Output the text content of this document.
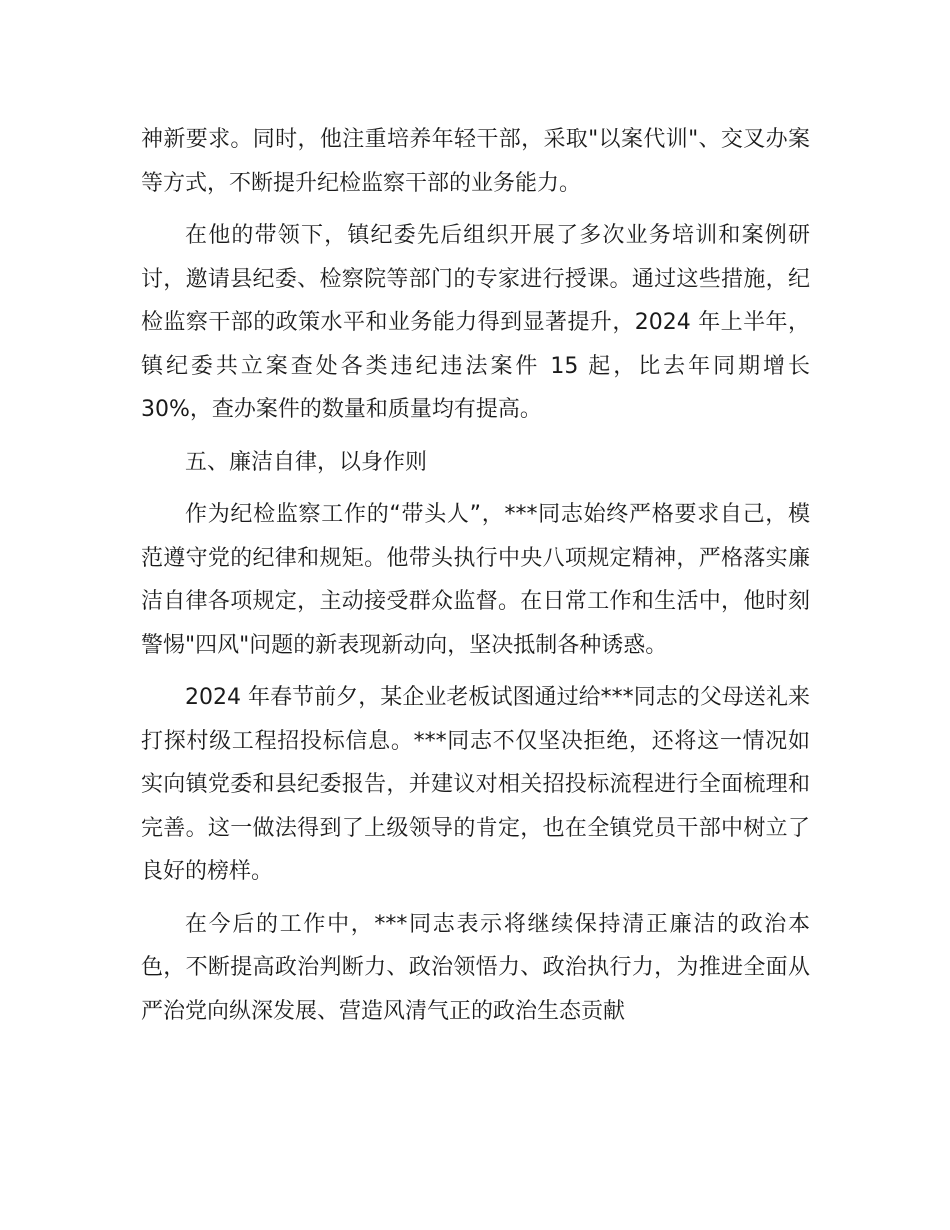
神新要求。同时，他注重培养年轻干部，采取"以案代训"、交叉办案等方式，不断提升纪检监察干部的业务能力。

在他的带领下，镇纪委先后组织开展了多次业务培训和案例研讨，邀请县纪委、检察院等部门的专家进行授课。通过这些措施，纪检监察干部的政策水平和业务能力得到显著提升，2024 年上半年，镇纪委共立案查处各类违纪违法案件 15 起，比去年同期增长 30%，查办案件的数量和质量均有提高。

五、廉洁自律，以身作则

作为纪检监察工作的“带头人”，***同志始终严格要求自己，模范遵守党的纪律和规矩。他带头执行中央八项规定精神，严格落实廉洁自律各项规定，主动接受群众监督。在日常工作和生活中，他时刻警惕"四风"问题的新表现新动向，坚决抵制各种诱惑。

2024 年春节前夕，某企业老板试图通过给***同志的父母送礼来打探村级工程招投标信息。***同志不仅坚决拒绝，还将这一情况如实向镇党委和县纪委报告，并建议对相关招投标流程进行全面梳理和完善。这一做法得到了上级领导的肯定，也在全镇党员干部中树立了良好的榜样。

在今后的工作中，***同志表示将继续保持清正廉洁的政治本色，不断提高政治判断力、政治领悟力、政治执行力，为推进全面从严治党向纵深发展、营造风清气正的政治生态贡献
